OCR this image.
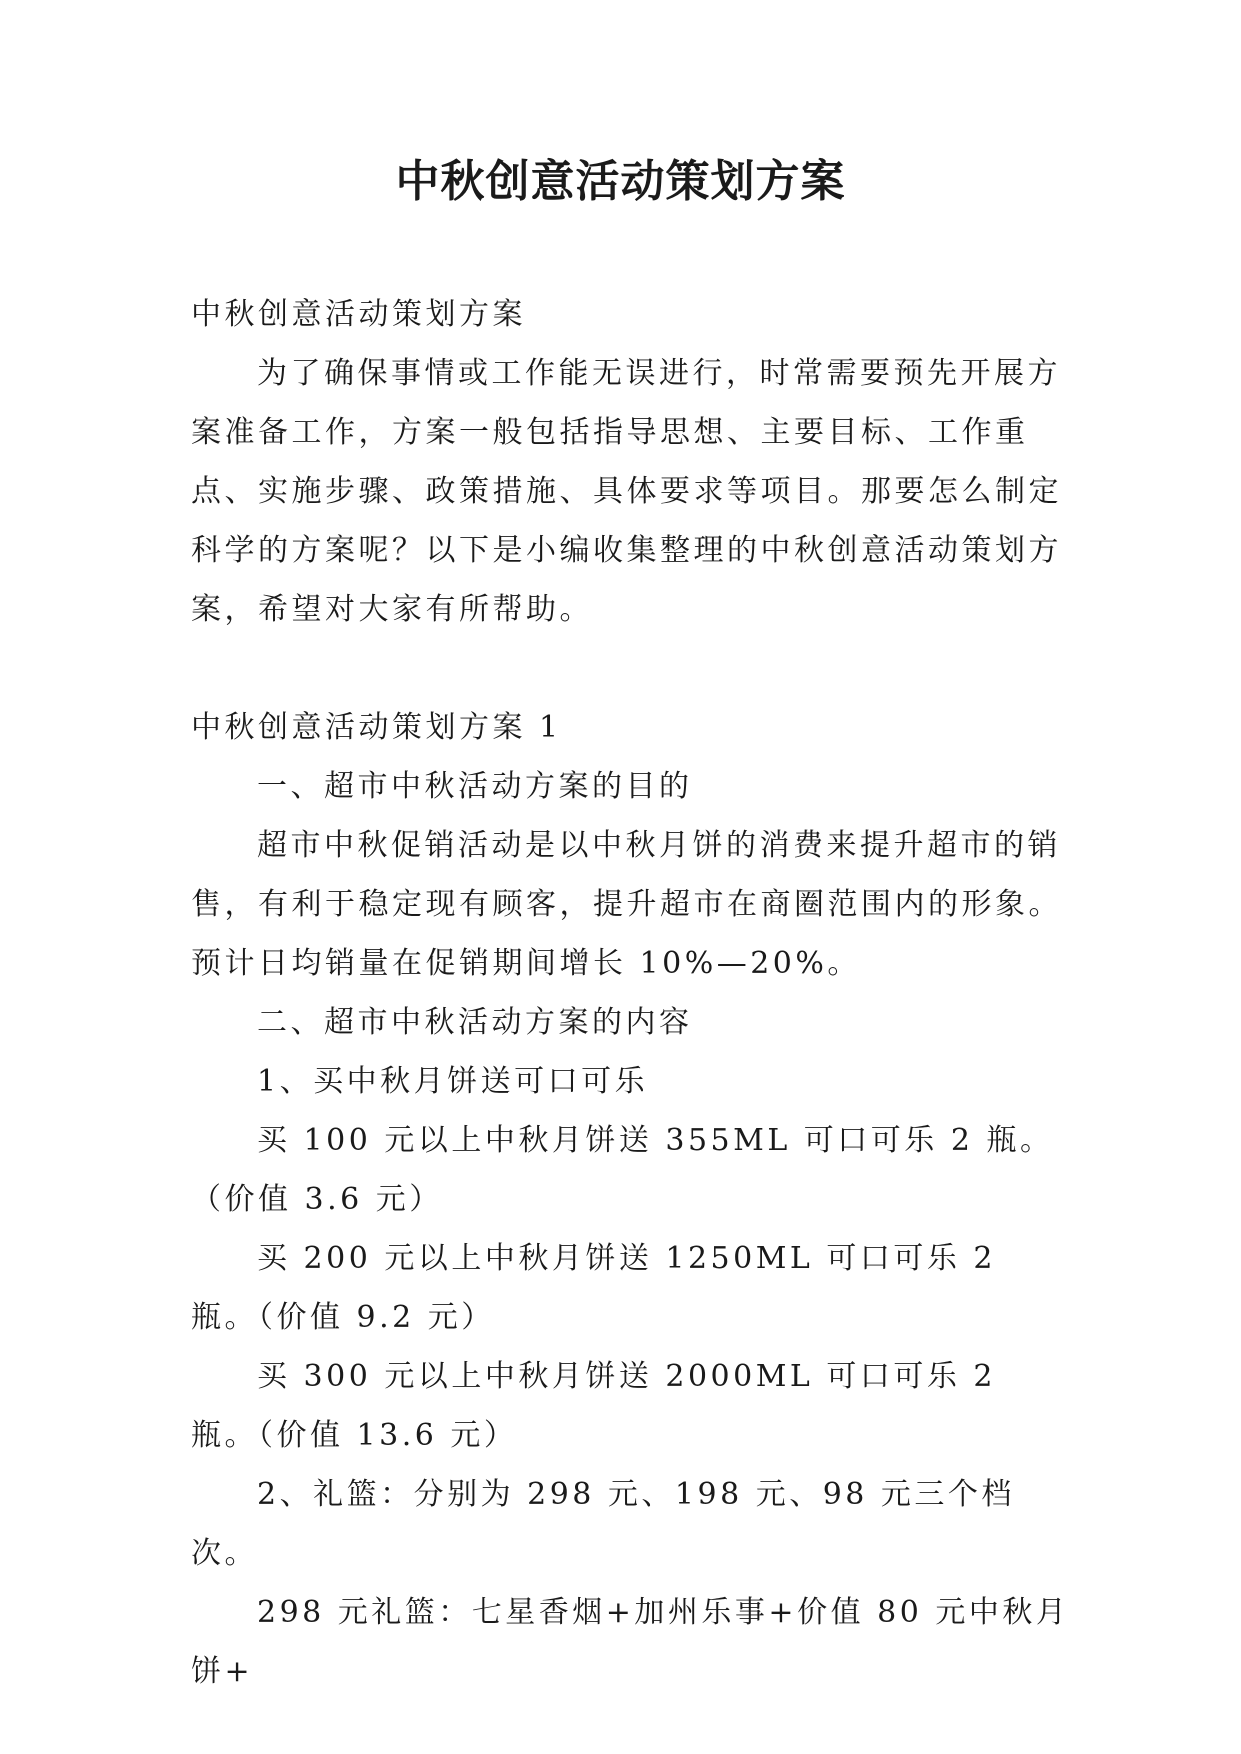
中秋创意活动策划方案

中秋创意活动策划方案

为了确保事情或工作能无误进行，时常需要预先开展方案准备工作，方案一般包括指导思想、主要目标、工作重点、实施步骤、政策措施、具体要求等项目。那要怎么制定科学的方案呢？以下是小编收集整理的中秋创意活动策划方案，希望对大家有所帮助。

中秋创意活动策划方案 1

一、超市中秋活动方案的目的

超市中秋促销活动是以中秋月饼的消费来提升超市的销售，有利于稳定现有顾客，提升超市在商圈范围内的形象。预计日均销量在促销期间增长 10%—20%。

二、超市中秋活动方案的内容

1、买中秋月饼送可口可乐

买 100 元以上中秋月饼送 355ML 可口可乐 2 瓶。（价值 3.6 元）

买 200 元以上中秋月饼送 1250ML 可口可乐 2 瓶。（价值 9.2 元）

买 300 元以上中秋月饼送 2000ML 可口可乐 2 瓶。（价值 13.6 元）

2、礼篮：分别为 298 元、198 元、98 元三个档次。

298 元礼篮：七星香烟+加州乐事+价值 80 元中秋月饼+
